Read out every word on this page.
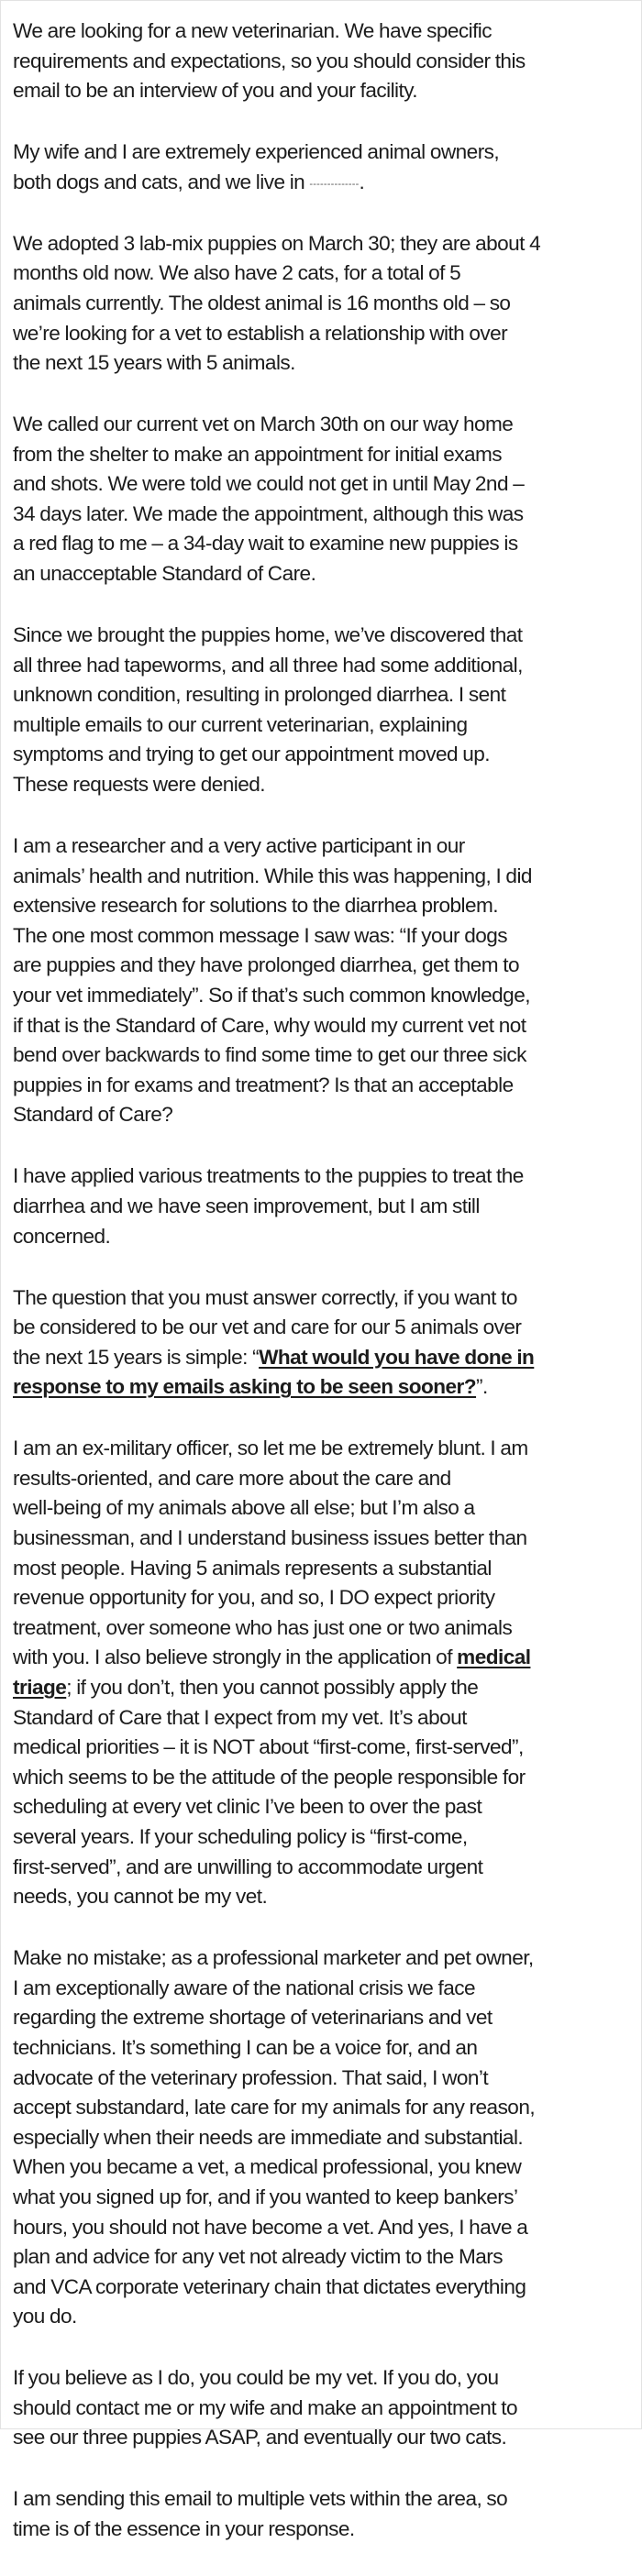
We are looking for a new veterinarian. We have specific
requirements and expectations, so you should consider this
email to be an interview of you and your facility.
My wife and I are extremely experienced animal owners,
both dogs and cats, and we live in --------------.
We adopted 3 lab-mix puppies on March 30; they are about 4
months old now. We also have 2 cats, for a total of 5
animals currently. The oldest animal is 16 months old – so
we’re looking for a vet to establish a relationship with over
the next 15 years with 5 animals.
We called our current vet on March 30th on our way home
from the shelter to make an appointment for initial exams
and shots. We were told we could not get in until May 2nd –
34 days later. We made the appointment, although this was
a red flag to me – a 34-day wait to examine new puppies is
an unacceptable Standard of Care.
Since we brought the puppies home, we’ve discovered that
all three had tapeworms, and all three had some additional,
unknown condition, resulting in prolonged diarrhea. I sent
multiple emails to our current veterinarian, explaining
symptoms and trying to get our appointment moved up.
These requests were denied.
I am a researcher and a very active participant in our
animals’ health and nutrition. While this was happening, I did
extensive research for solutions to the diarrhea problem.
The one most common message I saw was: “If your dogs
are puppies and they have prolonged diarrhea, get them to
your vet immediately”. So if that’s such common knowledge,
if that is the Standard of Care, why would my current vet not
bend over backwards to find some time to get our three sick
puppies in for exams and treatment? Is that an acceptable
Standard of Care?
I have applied various treatments to the puppies to treat the
diarrhea and we have seen improvement, but I am still
concerned.
The question that you must answer correctly, if you want to
be considered to be our vet and care for our 5 animals over
the next 15 years is simple: “What would you have done in
response to my emails asking to be seen sooner?”.
I am an ex-military officer, so let me be extremely blunt. I am
results-oriented, and care more about the care and
well-being of my animals above all else; but I’m also a
businessman, and I understand business issues better than
most people. Having 5 animals represents a substantial
revenue opportunity for you, and so, I DO expect priority
treatment, over someone who has just one or two animals
with you. I also believe strongly in the application of medical
triage; if you don’t, then you cannot possibly apply the
Standard of Care that I expect from my vet. It’s about
medical priorities – it is NOT about “first-come, first-served”,
which seems to be the attitude of the people responsible for
scheduling at every vet clinic I’ve been to over the past
several years. If your scheduling policy is “first-come,
first-served”, and are unwilling to accommodate urgent
needs, you cannot be my vet.
Make no mistake; as a professional marketer and pet owner,
I am exceptionally aware of the national crisis we face
regarding the extreme shortage of veterinarians and vet
technicians. It’s something I can be a voice for, and an
advocate of the veterinary profession. That said, I won’t
accept substandard, late care for my animals for any reason,
especially when their needs are immediate and substantial.
When you became a vet, a medical professional, you knew
what you signed up for, and if you wanted to keep bankers’
hours, you should not have become a vet. And yes, I have a
plan and advice for any vet not already victim to the Mars
and VCA corporate veterinary chain that dictates everything
you do.
If you believe as I do, you could be my vet. If you do, you
should contact me or my wife and make an appointment to
see our three puppies ASAP, and eventually our two cats.
I am sending this email to multiple vets within the area, so
time is of the essence in your response.
